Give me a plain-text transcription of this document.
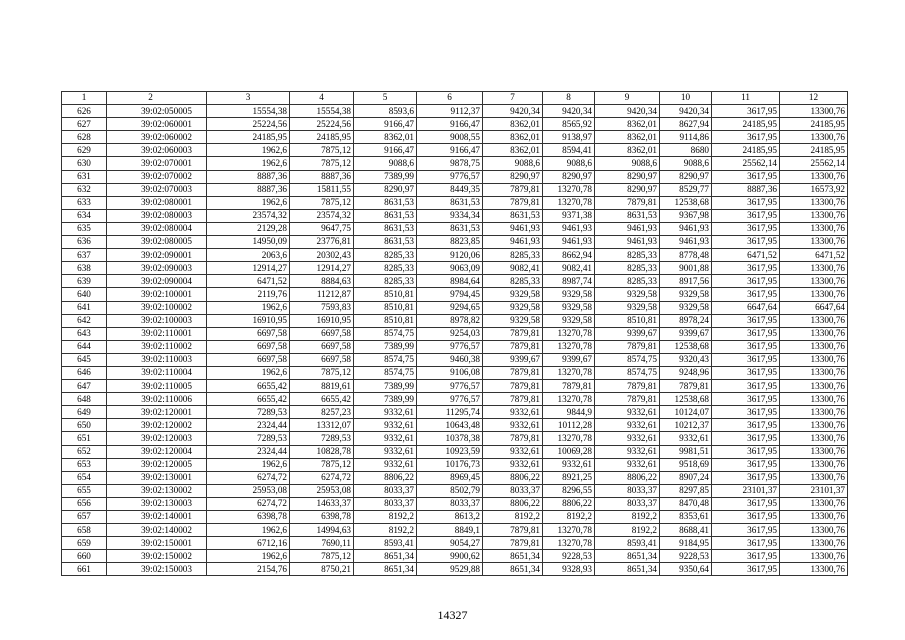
1	2	3	4	5	6	7	8	9	10	11	12
626	39:02:050005	15554,38	15554,38	8593,6	9112,37	9420,34	9420,34	9420,34	9420,34	3617,95	13300,76
627	39:02:060001	25224,56	25224,56	9166,47	9166,47	8362,01	8565,92	8362,01	8627,94	24185,95	24185,95
628	39:02:060002	24185,95	24185,95	8362,01	9008,55	8362,01	9138,97	8362,01	9114,86	3617,95	13300,76
629	39:02:060003	1962,6	7875,12	9166,47	9166,47	8362,01	8594,41	8362,01	8680	24185,95	24185,95
630	39:02:070001	1962,6	7875,12	9088,6	9878,75	9088,6	9088,6	9088,6	9088,6	25562,14	25562,14
631	39:02:070002	8887,36	8887,36	7389,99	9776,57	8290,97	8290,97	8290,97	8290,97	3617,95	13300,76
632	39:02:070003	8887,36	15811,55	8290,97	8449,35	7879,81	13270,78	8290,97	8529,77	8887,36	16573,92
633	39:02:080001	1962,6	7875,12	8631,53	8631,53	7879,81	13270,78	7879,81	12538,68	3617,95	13300,76
634	39:02:080003	23574,32	23574,32	8631,53	9334,34	8631,53	9371,38	8631,53	9367,98	3617,95	13300,76
635	39:02:080004	2129,28	9647,75	8631,53	8631,53	9461,93	9461,93	9461,93	9461,93	3617,95	13300,76
636	39:02:080005	14950,09	23776,81	8631,53	8823,85	9461,93	9461,93	9461,93	9461,93	3617,95	13300,76
637	39:02:090001	2063,6	20302,43	8285,33	9120,06	8285,33	8662,94	8285,33	8778,48	6471,52	6471,52
638	39:02:090003	12914,27	12914,27	8285,33	9063,09	9082,41	9082,41	8285,33	9001,88	3617,95	13300,76
639	39:02:090004	6471,52	8884,63	8285,33	8984,64	8285,33	8987,74	8285,33	8917,56	3617,95	13300,76
640	39:02:100001	2119,76	11212,87	8510,81	9794,45	9329,58	9329,58	9329,58	9329,58	3617,95	13300,76
641	39:02:100002	1962,6	7593,83	8510,81	9294,65	9329,58	9329,58	9329,58	9329,58	6647,64	6647,64
642	39:02:100003	16910,95	16910,95	8510,81	8978,82	9329,58	9329,58	8510,81	8978,24	3617,95	13300,76
643	39:02:110001	6697,58	6697,58	8574,75	9254,03	7879,81	13270,78	9399,67	9399,67	3617,95	13300,76
644	39:02:110002	6697,58	6697,58	7389,99	9776,57	7879,81	13270,78	7879,81	12538,68	3617,95	13300,76
645	39:02:110003	6697,58	6697,58	8574,75	9460,38	9399,67	9399,67	8574,75	9320,43	3617,95	13300,76
646	39:02:110004	1962,6	7875,12	8574,75	9106,08	7879,81	13270,78	8574,75	9248,96	3617,95	13300,76
647	39:02:110005	6655,42	8819,61	7389,99	9776,57	7879,81	7879,81	7879,81	7879,81	3617,95	13300,76
648	39:02:110006	6655,42	6655,42	7389,99	9776,57	7879,81	13270,78	7879,81	12538,68	3617,95	13300,76
649	39:02:120001	7289,53	8257,23	9332,61	11295,74	9332,61	9844,9	9332,61	10124,07	3617,95	13300,76
650	39:02:120002	2324,44	13312,07	9332,61	10643,48	9332,61	10112,28	9332,61	10212,37	3617,95	13300,76
651	39:02:120003	7289,53	7289,53	9332,61	10378,38	7879,81	13270,78	9332,61	9332,61	3617,95	13300,76
652	39:02:120004	2324,44	10828,78	9332,61	10923,59	9332,61	10069,28	9332,61	9981,51	3617,95	13300,76
653	39:02:120005	1962,6	7875,12	9332,61	10176,73	9332,61	9332,61	9332,61	9518,69	3617,95	13300,76
654	39:02:130001	6274,72	6274,72	8806,22	8969,45	8806,22	8921,25	8806,22	8907,24	3617,95	13300,76
655	39:02:130002	25953,08	25953,08	8033,37	8502,79	8033,37	8296,55	8033,37	8297,85	23101,37	23101,37
656	39:02:130003	6274,72	14633,37	8033,37	8033,37	8806,22	8806,22	8033,37	8470,48	3617,95	13300,76
657	39:02:140001	6398,78	6398,78	8192,2	8613,2	8192,2	8192,2	8192,2	8353,61	3617,95	13300,76
658	39:02:140002	1962,6	14994,63	8192,2	8849,1	7879,81	13270,78	8192,2	8688,41	3617,95	13300,76
659	39:02:150001	6712,16	7690,11	8593,41	9054,27	7879,81	13270,78	8593,41	9184,95	3617,95	13300,76
660	39:02:150002	1962,6	7875,12	8651,34	9900,62	8651,34	9228,53	8651,34	9228,53	3617,95	13300,76
661	39:02:150003	2154,76	8750,21	8651,34	9529,88	8651,34	9328,93	8651,34	9350,64	3617,95	13300,76
14327
